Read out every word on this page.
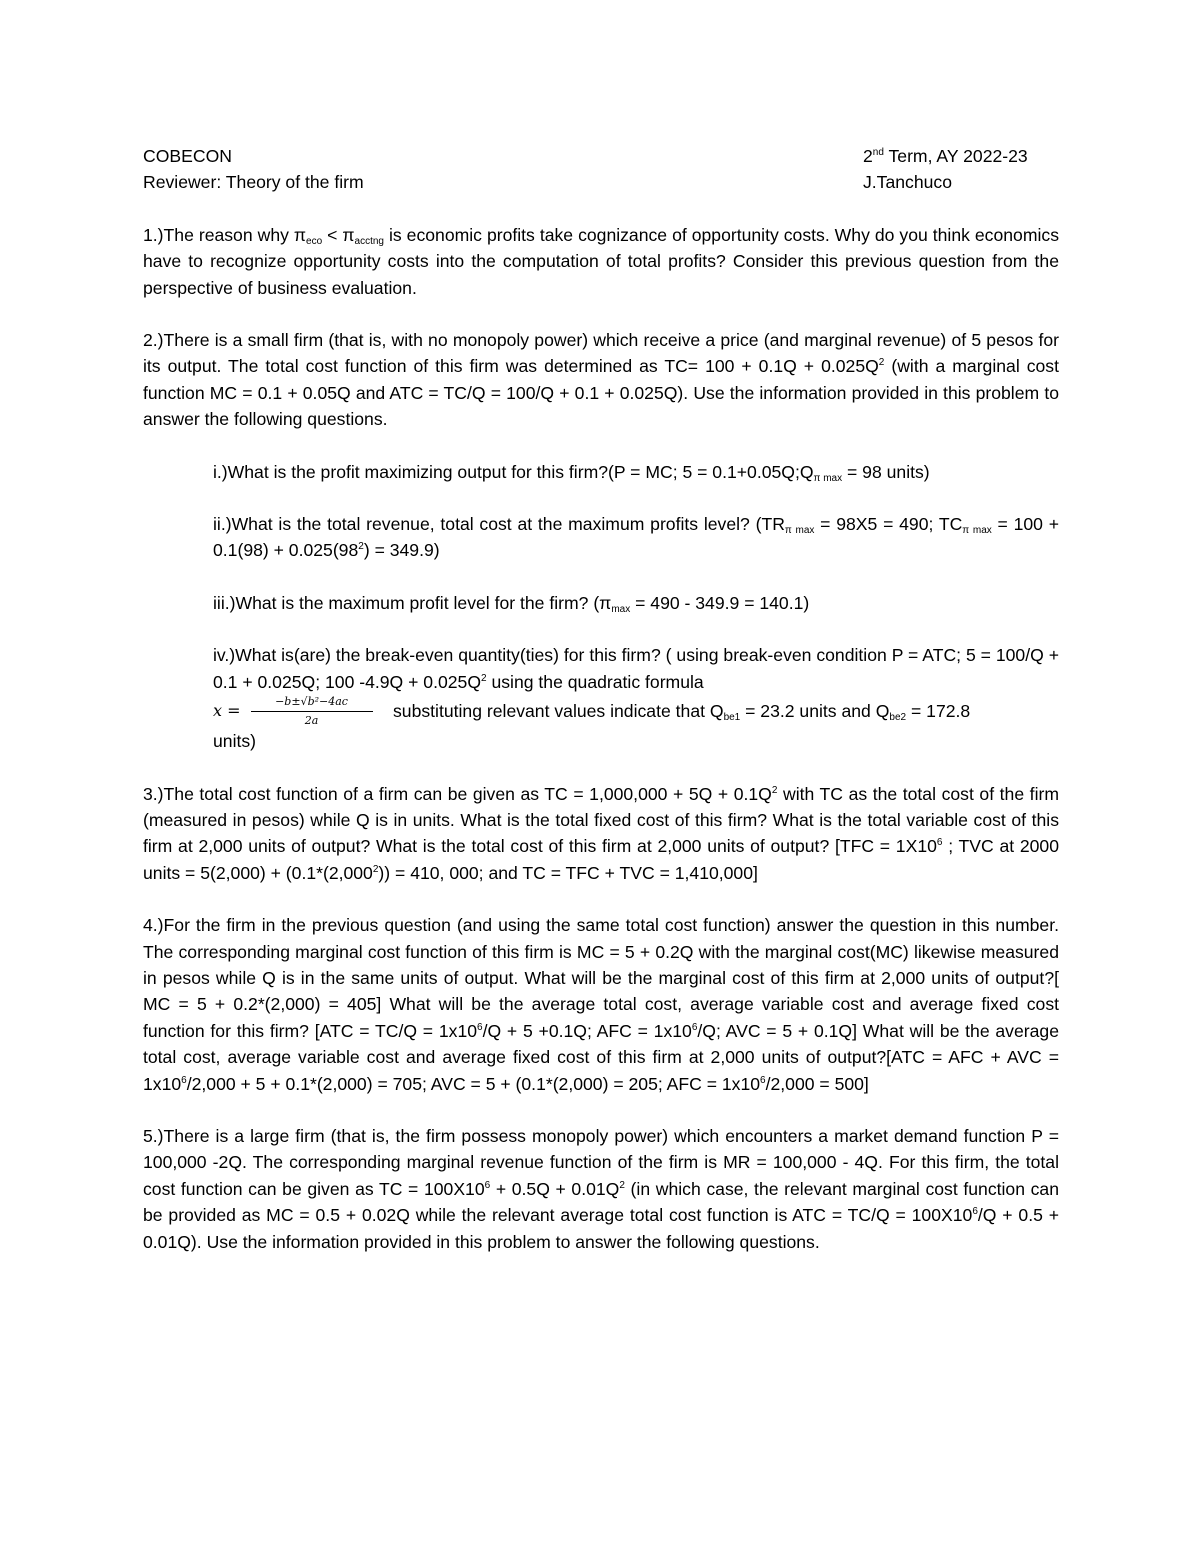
COBECON	2nd Term, AY 2022-23
Reviewer: Theory of the firm	J.Tanchuco

1.)The reason why $\pi_{eco} < \pi_{acctng}$ is economic profits take cognizance of opportunity costs. Why do you think economics have to recognize opportunity costs into the computation of total profits? Consider this previous question from the perspective of business evaluation.

2.)There is a small firm (that is, with no monopoly power) which receive a price (and marginal revenue) of 5 pesos for its output. The total cost function of this firm was determined as $TC= 100 + 0.1Q + 0.025Q^2$ (with a marginal cost function MC = 0.1 + 0.05Q and ATC = TC/Q = 100/Q + 0.1 + 0.025Q). Use the information provided in this problem to answer the following questions.

i.)What is the profit maximizing output for this firm?(P = MC; $5 = 0.1+0.05Q;Q_{\pi max} = 98$ units)

ii.)What is the total revenue, total cost at the maximum profits level? ($TR_{\pi max} = 98X5 = 490$; $TC_{\pi max} = 100 + 0.1(98) + 0.025(98^2) = 349.9$)

iii.)What is the maximum profit level for the firm? $(\pi_{max} = 490 - 349.9 = 140.1)$

iv.)What is(are) the break-even quantity(ties) for this firm? ( using break-even condition P = ATC; 5 = 100/Q + 0.1 + 0.025Q; 100 $-4.9Q + 0.025Q^2$ using the quadratic formula

$x = \frac{\text{−b±√b²−4ac}}{2a}$ substituting relevant values indicate that $Q_{be1} = 23.2$ units and $Q_{be2} = 172.8$

units)

3.)The total cost function of a firm can be given as TC = $1,000,000 + 5Q + 0.1Q^2$ with TC as the total cost of the firm (measured in pesos) while Q is in units. What is the total fixed cost of this firm? What is the total variable cost of this firm at 2,000 units of output? What is the total cost of this firm at 2,000 units of output? [$TFC = 1X10^6$ ; TVC at 2000 units = $5(2,000) + (0.1*(2,000^2)) = 410$, 000; and TC = TFC + TVC = 1,410,000]

4.)For the firm in the previous question (and using the same total cost function) answer the question in this number. The corresponding marginal cost function of this firm is MC = 5 + 0.2Q with the marginal cost(MC) likewise measured in pesos while Q is in the same units of output. What will be the marginal cost of this firm at 2,000 units of output?[ MC = 5 + 0.2*(2,000) = 405] What will be the average total cost, average variable cost and average fixed cost function for this firm? [$ATC = TC/Q = 1x10^6/Q + 5 +0.1Q$; AFC = $1x10^6/Q$; AVC = 5 + 0.1Q] What will be the average total cost, average variable cost and average fixed cost of this firm at 2,000 units of output?[ATC = AFC + AVC = $1x10^6/2,000 + 5 + 0.1*(2,000) = 705$; AVC = 5 + (0.1*(2,000) = 205; AFC = $1x10^6/2,000 = 500$]

5.)There is a large firm (that is, the firm possess monopoly power) which encounters a market demand function P = 100,000 -2Q. The corresponding marginal revenue function of the firm is MR = 100,000 - 4Q. For this firm, the total cost function can be given as TC = $100X10^6 + 0.5Q + 0.01Q^2$ (in which case, the relevant marginal cost function can be provided as MC = 0.5 + 0.02Q while the relevant average total cost function is ATC = $TC/Q = 100X10^6/Q + 0.5 + 0.01Q$). Use the information provided in this problem to answer the following questions.
